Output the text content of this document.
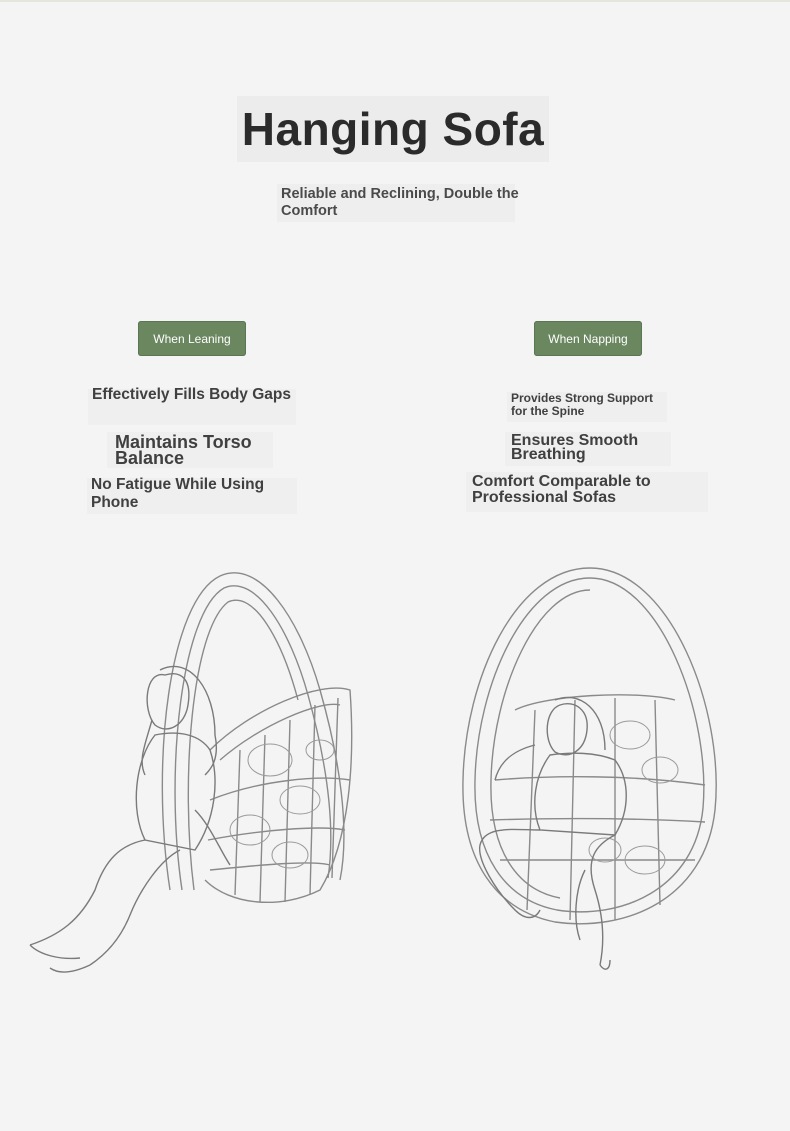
Hanging Sofa
Reliable and Reclining, Double the Comfort
When Leaning	When Napping
Effectively Fills Body Gaps
Maintains Torso Balance
No Fatigue While Using Phone
Provides Strong Support for the Spine
Ensures Smooth Breathing
Comfort Comparable to Professional Sofas
